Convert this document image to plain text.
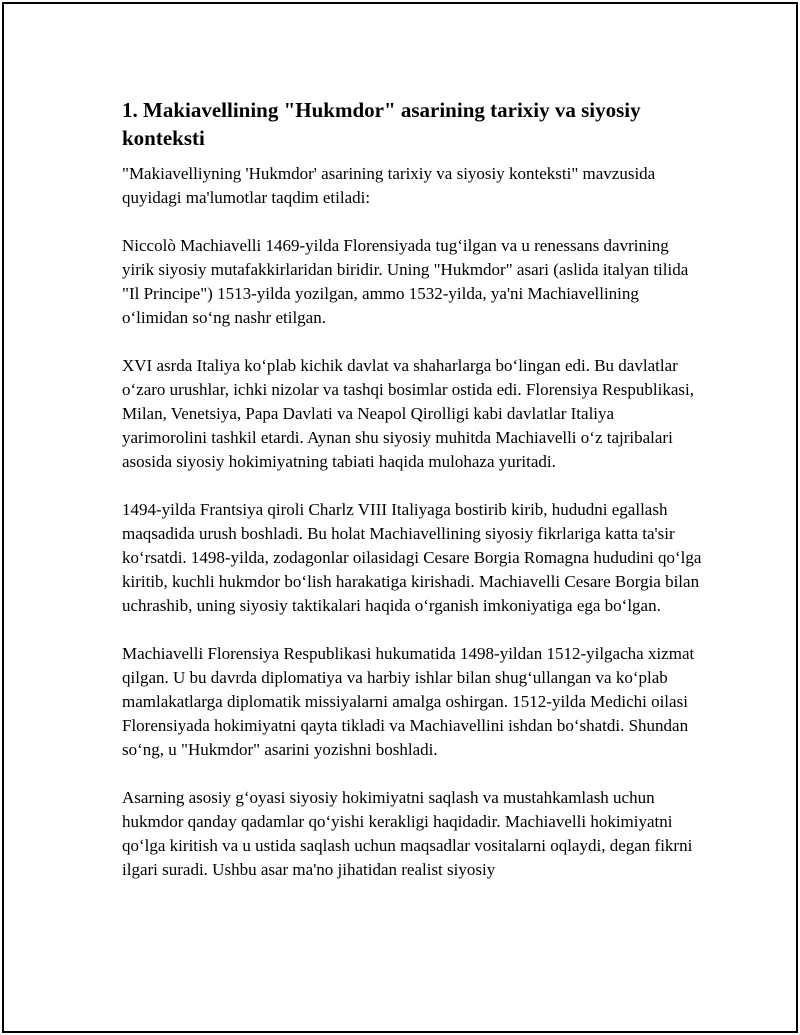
1. Makiavellining "Hukmdor" asarining tarixiy va siyosiy konteksti

"Makiavelliyning 'Hukmdor' asarining tarixiy va siyosiy konteksti" mavzusida quyidagi ma'lumotlar taqdim etiladi:

Niccolò Machiavelli 1469-yilda Florensiyada tugʻilgan va u renessans davrining yirik siyosiy mutafakkirlaridan biridir. Uning "Hukmdor" asari (aslida italyan tilida "Il Principe") 1513-yilda yozilgan, ammo 1532-yilda, ya'ni Machiavellining oʻlimidan soʻng nashr etilgan.

XVI asrda Italiya koʻplab kichik davlat va shaharlarga boʻlingan edi. Bu davlatlar oʻzaro urushlar, ichki nizolar va tashqi bosimlar ostida edi. Florensiya Respublikasi, Milan, Venetsiya, Papa Davlati va Neapol Qirolligi kabi davlatlar Italiya yarimorolini tashkil etardi. Aynan shu siyosiy muhitda Machiavelli oʻz tajribalari asosida siyosiy hokimiyatning tabiati haqida mulohaza yuritadi.

1494-yilda Frantsiya qiroli Charlz VIII Italiyaga bostirib kirib, hududni egallash maqsadida urush boshladi. Bu holat Machiavellining siyosiy fikrlariga katta ta'sir koʻrsatdi. 1498-yilda, zodagonlar oilasidagi Cesare Borgia Romagna hududini qoʻlga kiritib, kuchli hukmdor boʻlish harakatiga kirishadi. Machiavelli Cesare Borgia bilan uchrashib, uning siyosiy taktikalari haqida oʻrganish imkoniyatiga ega boʻlgan.

Machiavelli Florensiya Respublikasi hukumatida 1498-yildan 1512-yilgacha xizmat qilgan. U bu davrda diplomatiya va harbiy ishlar bilan shugʻullangan va koʻplab mamlakatlarga diplomatik missiyalarni amalga oshirgan. 1512-yilda Medichi oilasi Florensiyada hokimiyatni qayta tikladi va Machiavellini ishdan boʻshatdi. Shundan soʻng, u "Hukmdor" asarini yozishni boshladi.

Asarning asosiy gʻoyasi siyosiy hokimiyatni saqlash va mustahkamlash uchun hukmdor qanday qadamlar qoʻyishi kerakligi haqidadir. Machiavelli hokimiyatni qoʻlga kiritish va u ustida saqlash uchun maqsadlar vositalarni oqlaydi, degan fikrni ilgari suradi. Ushbu asar ma'no jihatidan realist siyosiy
